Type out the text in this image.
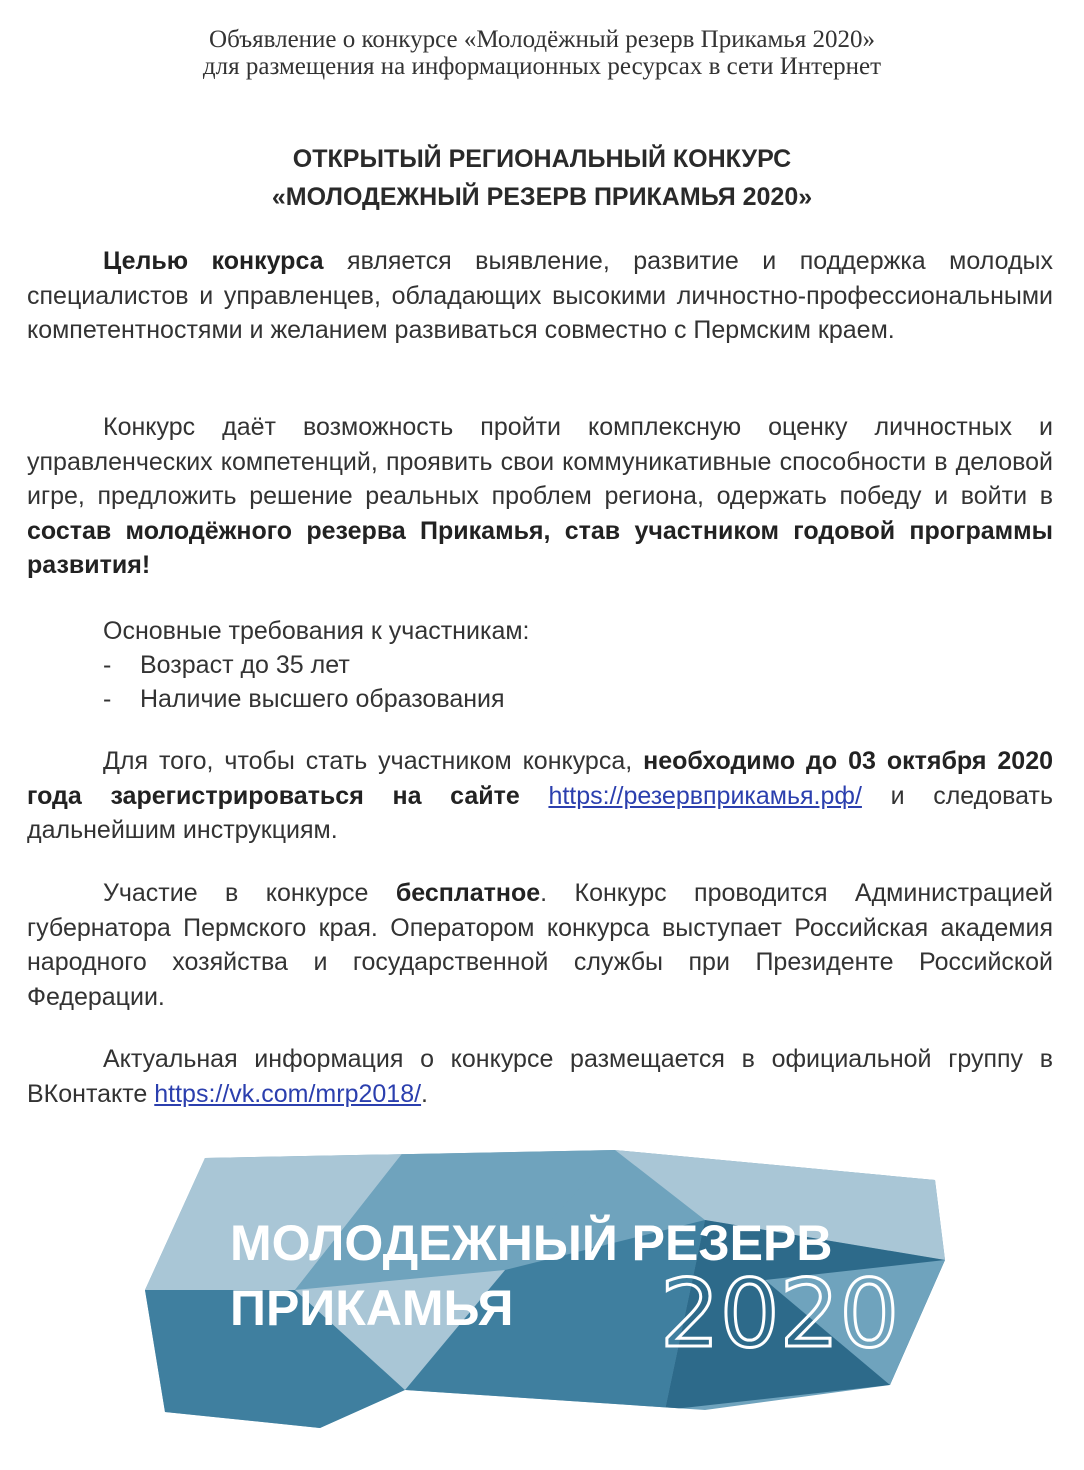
Объявление о конкурсе «Молодёжный резерв Прикамья 2020»
для размещения на информационных ресурсах в сети Интернет
ОТКРЫТЫЙ РЕГИОНАЛЬНЫЙ КОНКУРС
«МОЛОДЕЖНЫЙ РЕЗЕРВ ПРИКАМЬЯ 2020»
Целью конкурса является выявление, развитие и поддержка молодых специалистов и управленцев, обладающих высокими личностно-профессиональными компетентностями и желанием развиваться совместно с Пермским краем.
Конкурс даёт возможность пройти комплексную оценку личностных и управленческих компетенций, проявить свои коммуникативные способности в деловой игре, предложить решение реальных проблем региона, одержать победу и войти в состав молодёжного резерва Прикамья, став участником годовой программы развития!
Основные требования к участникам:
- Возраст до 35 лет
- Наличие высшего образования
Для того, чтобы стать участником конкурса, необходимо до 03 октября 2020 года зарегистрироваться на сайте https://резервприкамья.рф/ и следовать дальнейшим инструкциям.
Участие в конкурсе бесплатное. Конкурс проводится Администрацией губернатора Пермского края. Оператором конкурса выступает Российская академия народного хозяйства и государственной службы при Президенте Российской Федерации.
Актуальная информация о конкурсе размещается в официальной группу в ВКонтакте https://vk.com/mrp2018/.
МОЛОДЕЖНЫЙ РЕЗЕРВ
ПРИКАМЬЯ 2020
